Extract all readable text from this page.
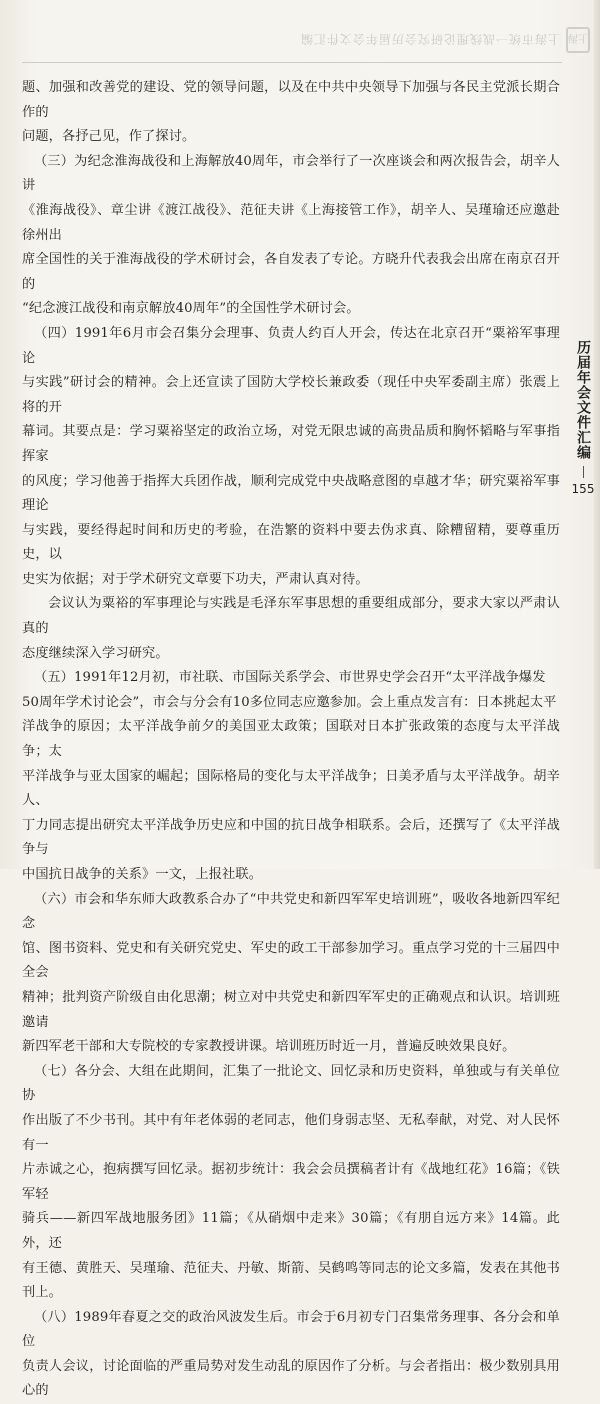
上海
上海市统一战线理论研究会历届年会文件汇编

题、加强和改善党的建设、党的领导问题，以及在中共中央领导下加强与各民主党派长期合作的

问题，各抒己见，作了探讨。

（三）为纪念淮海战役和上海解放40周年，市会举行了一次座谈会和两次报告会，胡辛人讲

《淮海战役》、章尘讲《渡江战役》、范征夫讲《上海接管工作》，胡辛人、吴瑾瑜还应邀赴徐州出

席全国性的关于淮海战役的学术研讨会，各自发表了专论。方晓升代表我会出席在南京召开的

“纪念渡江战役和南京解放40周年”的全国性学术研讨会。

（四）1991年6月市会召集分会理事、负责人约百人开会，传达在北京召开“粟裕军事理论

与实践”研讨会的精神。会上还宣读了国防大学校长兼政委（现任中央军委副主席）张震上将的开

幕词。其要点是：学习粟裕坚定的政治立场，对党无限忠诚的高贵品质和胸怀韬略与军事指挥家

的风度；学习他善于指挥大兵团作战，顺利完成党中央战略意图的卓越才华；研究粟裕军事理论

与实践，要经得起时间和历史的考验，在浩繁的资料中要去伪求真、除糟留精，要尊重历史，以

史实为依据；对于学术研究文章要下功夫，严肃认真对待。

会议认为粟裕的军事理论与实践是毛泽东军事思想的重要组成部分，要求大家以严肃认真的

态度继续深入学习研究。

（五）1991年12月初，市社联、市国际关系学会、市世界史学会召开“太平洋战争爆发

50周年学术讨论会”，市会与分会有10多位同志应邀参加。会上重点发言有：日本挑起太平

洋战争的原因；太平洋战争前夕的美国亚太政策；国联对日本扩张政策的态度与太平洋战争；太

平洋战争与亚太国家的崛起；国际格局的变化与太平洋战争；日美矛盾与太平洋战争。胡辛人、

丁力同志提出研究太平洋战争历史应和中国的抗日战争相联系。会后，还撰写了《太平洋战争与

中国抗日战争的关系》一文，上报社联。

（六）市会和华东师大政教系合办了“中共党史和新四军军史培训班”，吸收各地新四军纪念

馆、图书资料、党史和有关研究党史、军史的政工干部参加学习。重点学习党的十三届四中全会

精神；批判资产阶级自由化思潮；树立对中共党史和新四军军史的正确观点和认识。培训班邀请

新四军老干部和大专院校的专家教授讲课。培训班历时近一月，普遍反映效果良好。

（七）各分会、大组在此期间，汇集了一批论文、回忆录和历史资料，单独或与有关单位协

作出版了不少书刊。其中有年老体弱的老同志，他们身弱志坚、无私奉献，对党、对人民怀有一

片赤诚之心，抱病撰写回忆录。据初步统计：我会会员撰稿者计有《战地红花》16篇；《铁军轻

骑兵——新四军战地服务团》11篇；《从硝烟中走来》30篇；《有朋自远方来》14篇。此外，还

有王德、黄胜天、吴瑾瑜、范征夫、丹敏、斯箭、吴鹤鸣等同志的论文多篇，发表在其他书刊上。

（八）1989年春夏之交的政治风波发生后。市会于6月初专门召集常务理事、各分会和单位

负责人会议，讨论面临的严重局势对发生动乱的原因作了分析。与会者指出：极少数别具用心的

历届年会文件汇编
155
